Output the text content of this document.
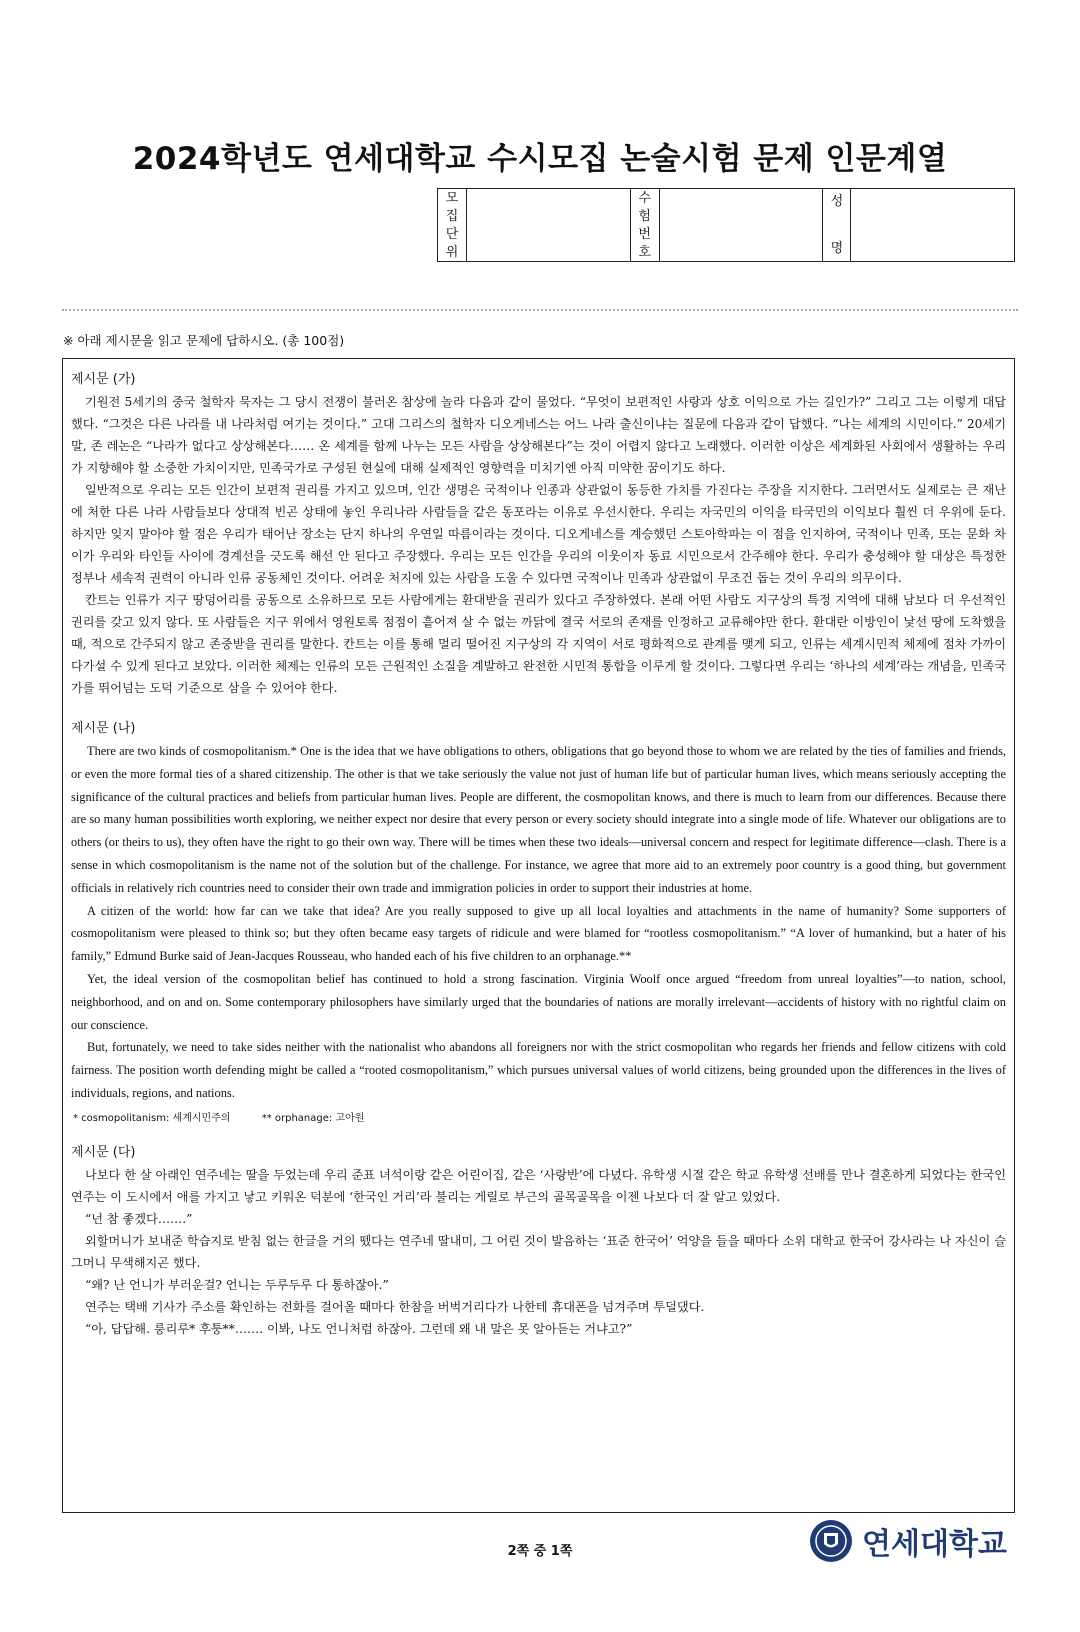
2024학년도 연세대학교 수시모집 논술시험 문제 인문계열
모
집
단
위
수
험
번
호
성
명
※ 아래 제시문을 읽고 문제에 답하시오. (총 100점)
제시문 (가)

기원전 5세기의 중국 철학자 묵자는 그 당시 전쟁이 불러온 참상에 놀라 다음과 같이 물었다. “무엇이 보편적인 사랑과 상호 이익으로 가는 길인가?” 그리고 그는 이렇게 대답했다. “그것은 다른 나라를 내 나라처럼 여기는 것이다.” 고대 그리스의 철학자 디오게네스는 어느 나라 출신이냐는 질문에 다음과 같이 답했다. “나는 세계의 시민이다.” 20세기 말, 존 레논은 “나라가 없다고 상상해본다…… 온 세계를 함께 나누는 모든 사람을 상상해본다”는 것이 어렵지 않다고 노래했다. 이러한 이상은 세계화된 사회에서 생활하는 우리가 지향해야 할 소중한 가치이지만, 민족국가로 구성된 현실에 대해 실제적인 영향력을 미치기엔 아직 미약한 꿈이기도 하다.

일반적으로 우리는 모든 인간이 보편적 권리를 가지고 있으며, 인간 생명은 국적이나 인종과 상관없이 동등한 가치를 가진다는 주장을 지지한다. 그러면서도 실제로는 큰 재난에 처한 다른 나라 사람들보다 상대적 빈곤 상태에 놓인 우리나라 사람들을 같은 동포라는 이유로 우선시한다. 우리는 자국민의 이익을 타국민의 이익보다 훨씬 더 우위에 둔다. 하지만 잊지 말아야 할 점은 우리가 태어난 장소는 단지 하나의 우연일 따름이라는 것이다. 디오게네스를 계승했던 스토아학파는 이 점을 인지하여, 국적이나 민족, 또는 문화 차이가 우리와 타인들 사이에 경계선을 긋도록 해선 안 된다고 주장했다. 우리는 모든 인간을 우리의 이웃이자 동료 시민으로서 간주해야 한다. 우리가 충성해야 할 대상은 특정한 정부나 세속적 권력이 아니라 인류 공동체인 것이다. 어려운 처지에 있는 사람을 도울 수 있다면 국적이나 민족과 상관없이 무조건 돕는 것이 우리의 의무이다.

칸트는 인류가 지구 땅덩어리를 공동으로 소유하므로 모든 사람에게는 환대받을 권리가 있다고 주장하였다. 본래 어떤 사람도 지구상의 특정 지역에 대해 남보다 더 우선적인 권리를 갖고 있지 않다. 또 사람들은 지구 위에서 영원토록 점점이 흩어져 살 수 없는 까닭에 결국 서로의 존재를 인정하고 교류해야만 한다. 환대란 이방인이 낯선 땅에 도착했을 때, 적으로 간주되지 않고 존중받을 권리를 말한다. 칸트는 이를 통해 멀리 떨어진 지구상의 각 지역이 서로 평화적으로 관계를 맺게 되고, 인류는 세계시민적 체제에 점차 가까이 다가설 수 있게 된다고 보았다. 이러한 체제는 인류의 모든 근원적인 소질을 계발하고 완전한 시민적 통합을 이루게 할 것이다. 그렇다면 우리는 ‘하나의 세계’라는 개념을, 민족국가를 뛰어넘는 도덕 기준으로 삼을 수 있어야 한다.

제시문 (나)

There are two kinds of cosmopolitanism.* One is the idea that we have obligations to others, obligations that go beyond those to whom we are related by the ties of families and friends, or even the more formal ties of a shared citizenship. The other is that we take seriously the value not just of human life but of particular human lives, which means seriously accepting the significance of the cultural practices and beliefs from particular human lives. People are different, the cosmopolitan knows, and there is much to learn from our differences. Because there are so many human possibilities worth exploring, we neither expect nor desire that every person or every society should integrate into a single mode of life. Whatever our obligations are to others (or theirs to us), they often have the right to go their own way. There will be times when these two ideals—universal concern and respect for legitimate difference—clash. There is a sense in which cosmopolitanism is the name not of the solution but of the challenge. For instance, we agree that more aid to an extremely poor country is a good thing, but government officials in relatively rich countries need to consider their own trade and immigration policies in order to support their industries at home.

A citizen of the world: how far can we take that idea? Are you really supposed to give up all local loyalties and attachments in the name of humanity? Some supporters of cosmopolitanism were pleased to think so; but they often became easy targets of ridicule and were blamed for “rootless cosmopolitanism.” “A lover of humankind, but a hater of his family,” Edmund Burke said of Jean-Jacques Rousseau, who handed each of his five children to an orphanage.**

Yet, the ideal version of the cosmopolitan belief has continued to hold a strong fascination. Virginia Woolf once argued “freedom from unreal loyalties”—to nation, school, neighborhood, and on and on. Some contemporary philosophers have similarly urged that the boundaries of nations are morally irrelevant—accidents of history with no rightful claim on our conscience.

But, fortunately, we need to take sides neither with the nationalist who abandons all foreigners nor with the strict cosmopolitan who regards her friends and fellow citizens with cold fairness. The position worth defending might be called a “rooted cosmopolitanism,” which pursues universal values of world citizens, being grounded upon the differences in the lives of individuals, regions, and nations.

* cosmopolitanism: 세계시민주의	** orphanage: 고아원
제시문 (다)

나보다 한 살 아래인 연주네는 딸을 두었는데 우리 준표 녀석이랑 같은 어린이집, 같은 ‘사랑반’에 다녔다. 유학생 시절 같은 학교 유학생 선배를 만나 결혼하게 되었다는 한국인 연주는 이 도시에서 애를 가지고 낳고 키워온 덕분에 ‘한국인 거리’라 불리는 게릴로 부근의 골목골목을 이젠 나보다 더 잘 알고 있었다.

“넌 참 좋겠다…….”

외할머니가 보내준 학습지로 받침 없는 한글을 거의 뗐다는 연주네 딸내미, 그 어린 것이 발음하는 ‘표준 한국어’ 억양을 들을 때마다 소위 대학교 한국어 강사라는 나 자신이 슬그머니 무색해지곤 했다.

“왜? 난 언니가 부러운걸? 언니는 두루두루 다 통하잖아.”

연주는 택배 기사가 주소를 확인하는 전화를 걸어올 때마다 한참을 버벅거리다가 나한테 휴대폰을 넘겨주며 투덜댔다.

“아, 답답해. 룽리루* 후퉁**……. 이봐, 나도 언니처럼 하잖아. 그런데 왜 내 말은 못 알아듣는 거냐고?”

2쪽 중 1쪽	연세대학교
